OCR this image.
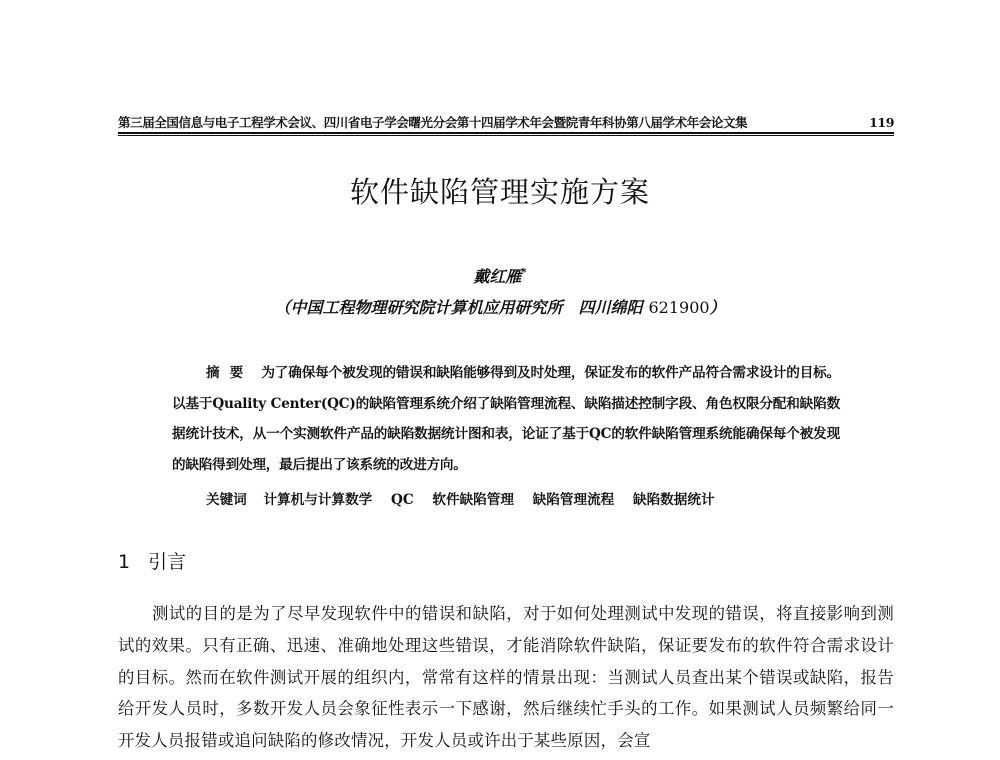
第三届全国信息与电子工程学术会议、四川省电子学会曙光分会第十四届学术年会暨院青年科协第八届学术年会论文集	119
软件缺陷管理实施方案
戴红雁*
（中国工程物理研究院计算机应用研究所　四川绵阳 621900）
摘要 为了确保每个被发现的错误和缺陷能够得到及时处理，保证发布的软件产品符合需求设计的目标。以基于Quality Center(QC)的缺陷管理系统介绍了缺陷管理流程、缺陷描述控制字段、角色权限分配和缺陷数据统计技术，从一个实测软件产品的缺陷数据统计图和表，论证了基于QC的软件缺陷管理系统能确保每个被发现的缺陷得到处理，最后提出了该系统的改进方向。
关键词 计算机与计算数学 QC 软件缺陷管理 缺陷管理流程 缺陷数据统计
1 引言
测试的目的是为了尽早发现软件中的错误和缺陷，对于如何处理测试中发现的错误，将直接影响到测试的效果。只有正确、迅速、准确地处理这些错误，才能消除软件缺陷，保证要发布的软件符合需求设计的目标。然而在软件测试开展的组织内，常常有这样的情景出现：当测试人员查出某个错误或缺陷，报告给开发人员时，多数开发人员会象征性表示一下感谢，然后继续忙手头的工作。如果测试人员频繁给同一开发人员报错或追问缺陷的修改情况，开发人员或许出于某些原因，会宣
